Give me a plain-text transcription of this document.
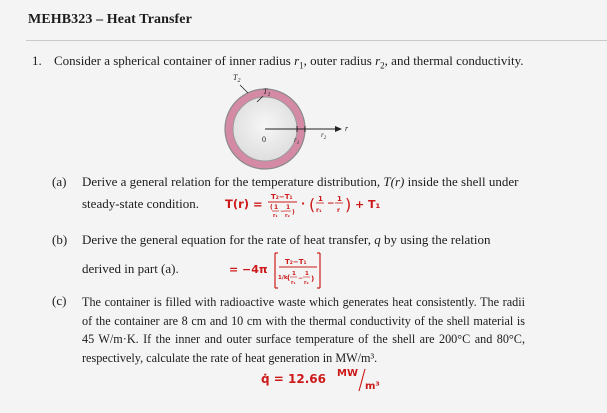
MEHB323 – Heat Transfer
1. Consider a spherical container of inner radius $r_1$, outer radius $r_2$, and thermal conductivity.
$T_2$
$T_1$
0	$r_1$
$r_2$
r
(a) Derive a general relation for the temperature distribution, T(r) inside the shell under
steady-state condition. T(r) = T₂−T₁
( 1
r₁
−
1
r₂ )
· ( 1
r₁
− 1
r ) + T₁
(b) Derive the general equation for the rate of heat transfer, q by using the relation
derived in part (a).	= −4π
T₂−T₁
1/k ( 1
r₁
−
1
r₂ )
(c) The container is filled with radioactive waste which generates heat consistently. The radii of the container are 8 cm and 10 cm with the thermal conductivity of the shell material is 45 W/m·K. If the inner and outer surface temperature of the shell are 200°C and 80°C, respectively, calculate the rate of heat generation in MW/m³.
q̇ = 12.66 MW
m³
